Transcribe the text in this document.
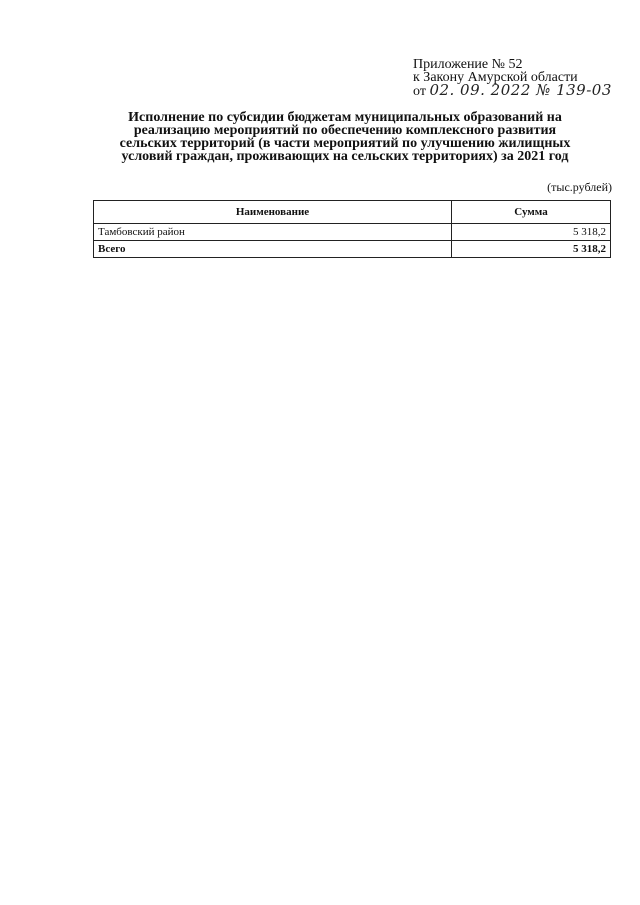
Приложение № 52
к Закону Амурской области
от 02. 09. 2022 № 139-03
Исполнение по субсидии бюджетам муниципальных образований на
реализацию мероприятий по обеспечению комплексного развития
сельских территорий (в части мероприятий по улучшению жилищных
условий граждан, проживающих на сельских территориях) за 2021 год
(тыс.рублей)
Наименование	Сумма
Тамбовский район	5 318,2
Всего	5 318,2
